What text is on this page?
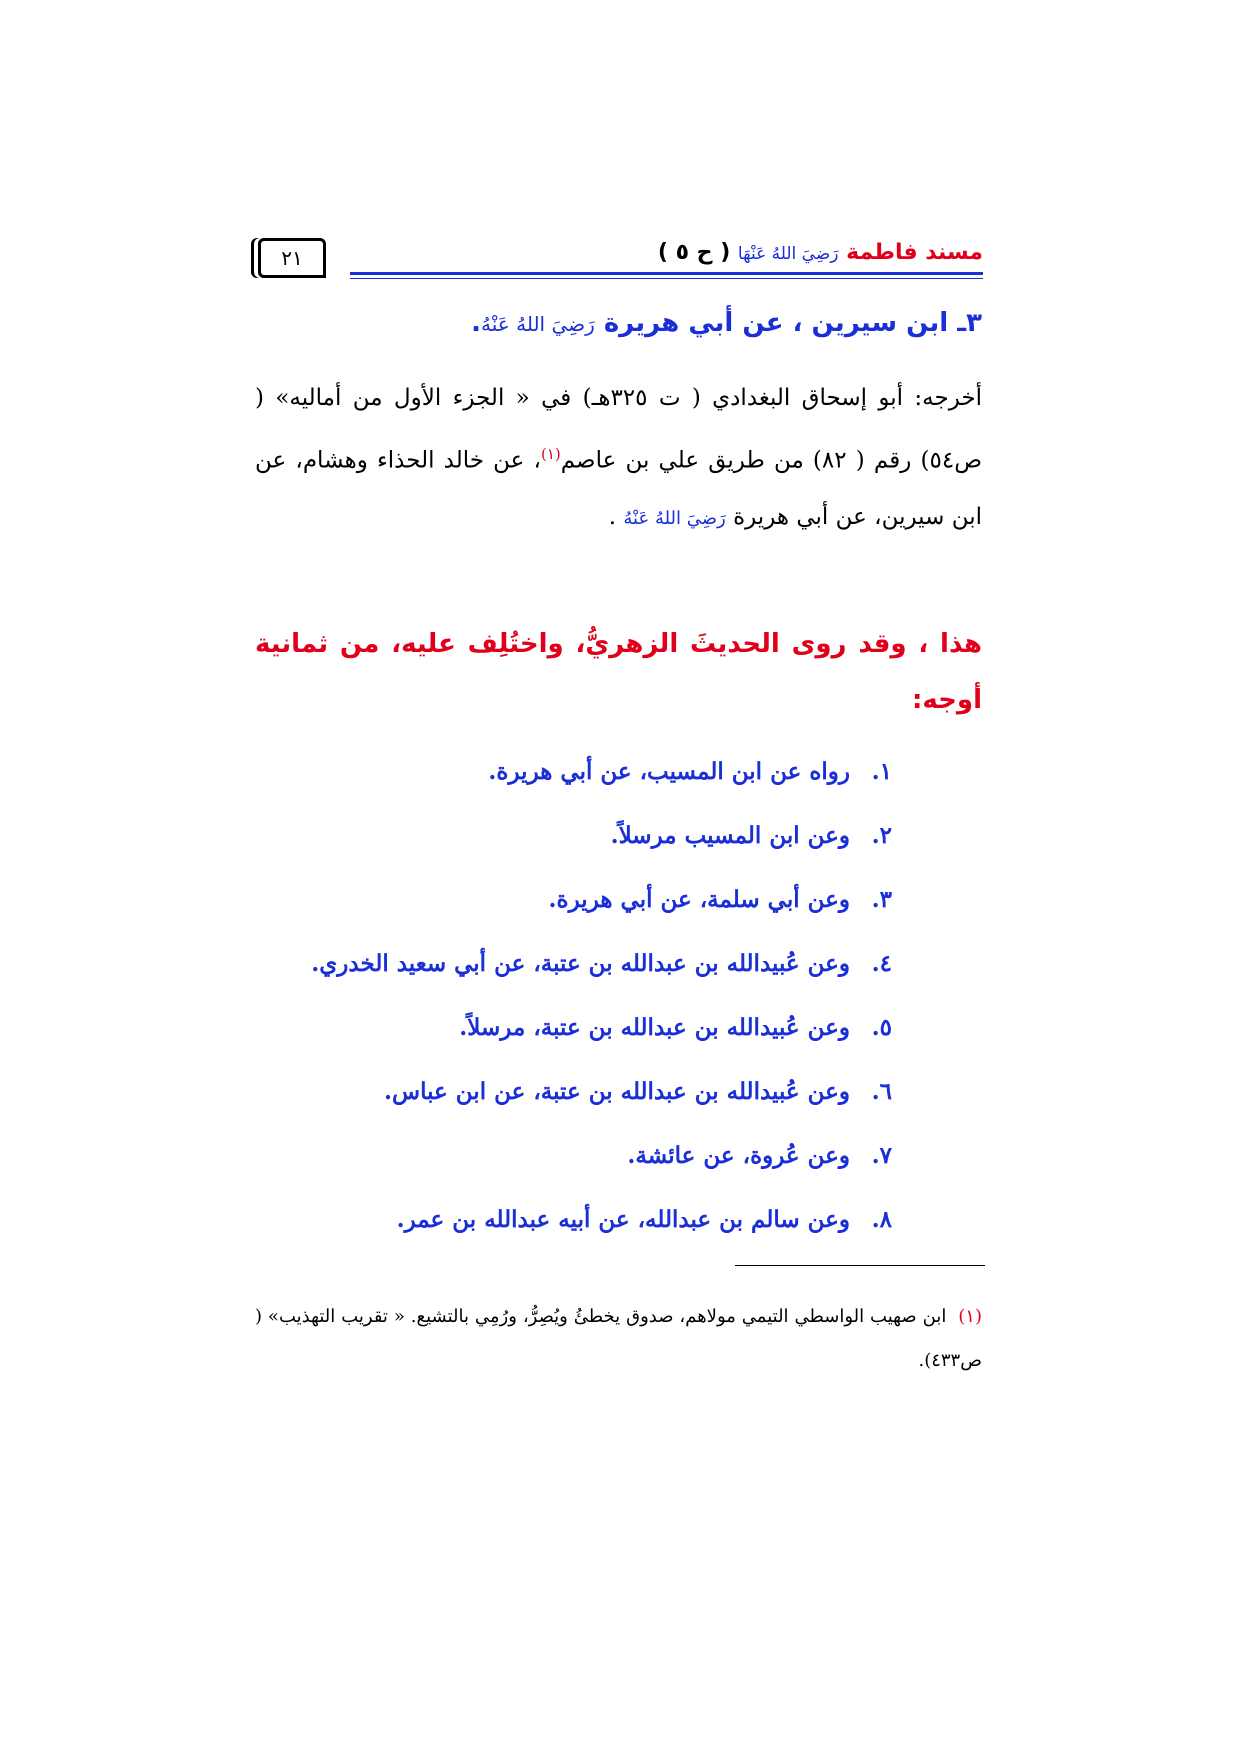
٢١	مسند فاطمة رَضِيَ اللهُ عَنْهَا ( ح ٥ )
٣ـ ابن سيرين ، عن أبي هريرة رَضِيَ اللهُ عَنْهُ.

أخرجه: أبو إسحاق البغدادي ( ت ٣٢٥هـ) في « الجزء الأول من أماليه» ( ص٥٤) رقم ( ٨٢) من طريق علي بن عاصم$^{(١)}$، عن خالد الحذاء وهشام، عن ابن سيرين، عن أبي هريرة رَضِيَ اللهُ عَنْهُ .

هذا ، وقد روى الحديثَ الزهريُّ، واختُلِف عليه، من ثمانية أوجه:

١. رواه عن ابن المسيب، عن أبي هريرة.
٢. وعن ابن المسيب مرسلاً.
٣. وعن أبي سلمة، عن أبي هريرة.
٤. وعن عُبيدالله بن عبدالله بن عتبة، عن أبي سعيد الخدري.
٥. وعن عُبيدالله بن عبدالله بن عتبة، مرسلاً.
٦. وعن عُبيدالله بن عبدالله بن عتبة، عن ابن عباس.
٧. وعن عُروة، عن عائشة.
٨. وعن سالم بن عبدالله، عن أبيه عبدالله بن عمر.

(١) ابن صهيب الواسطي التيمي مولاهم، صدوق يخطئُ ويُصِرُّ، ورُمِي بالتشيع. « تقريب التهذيب» ( ص٤٣٣).
